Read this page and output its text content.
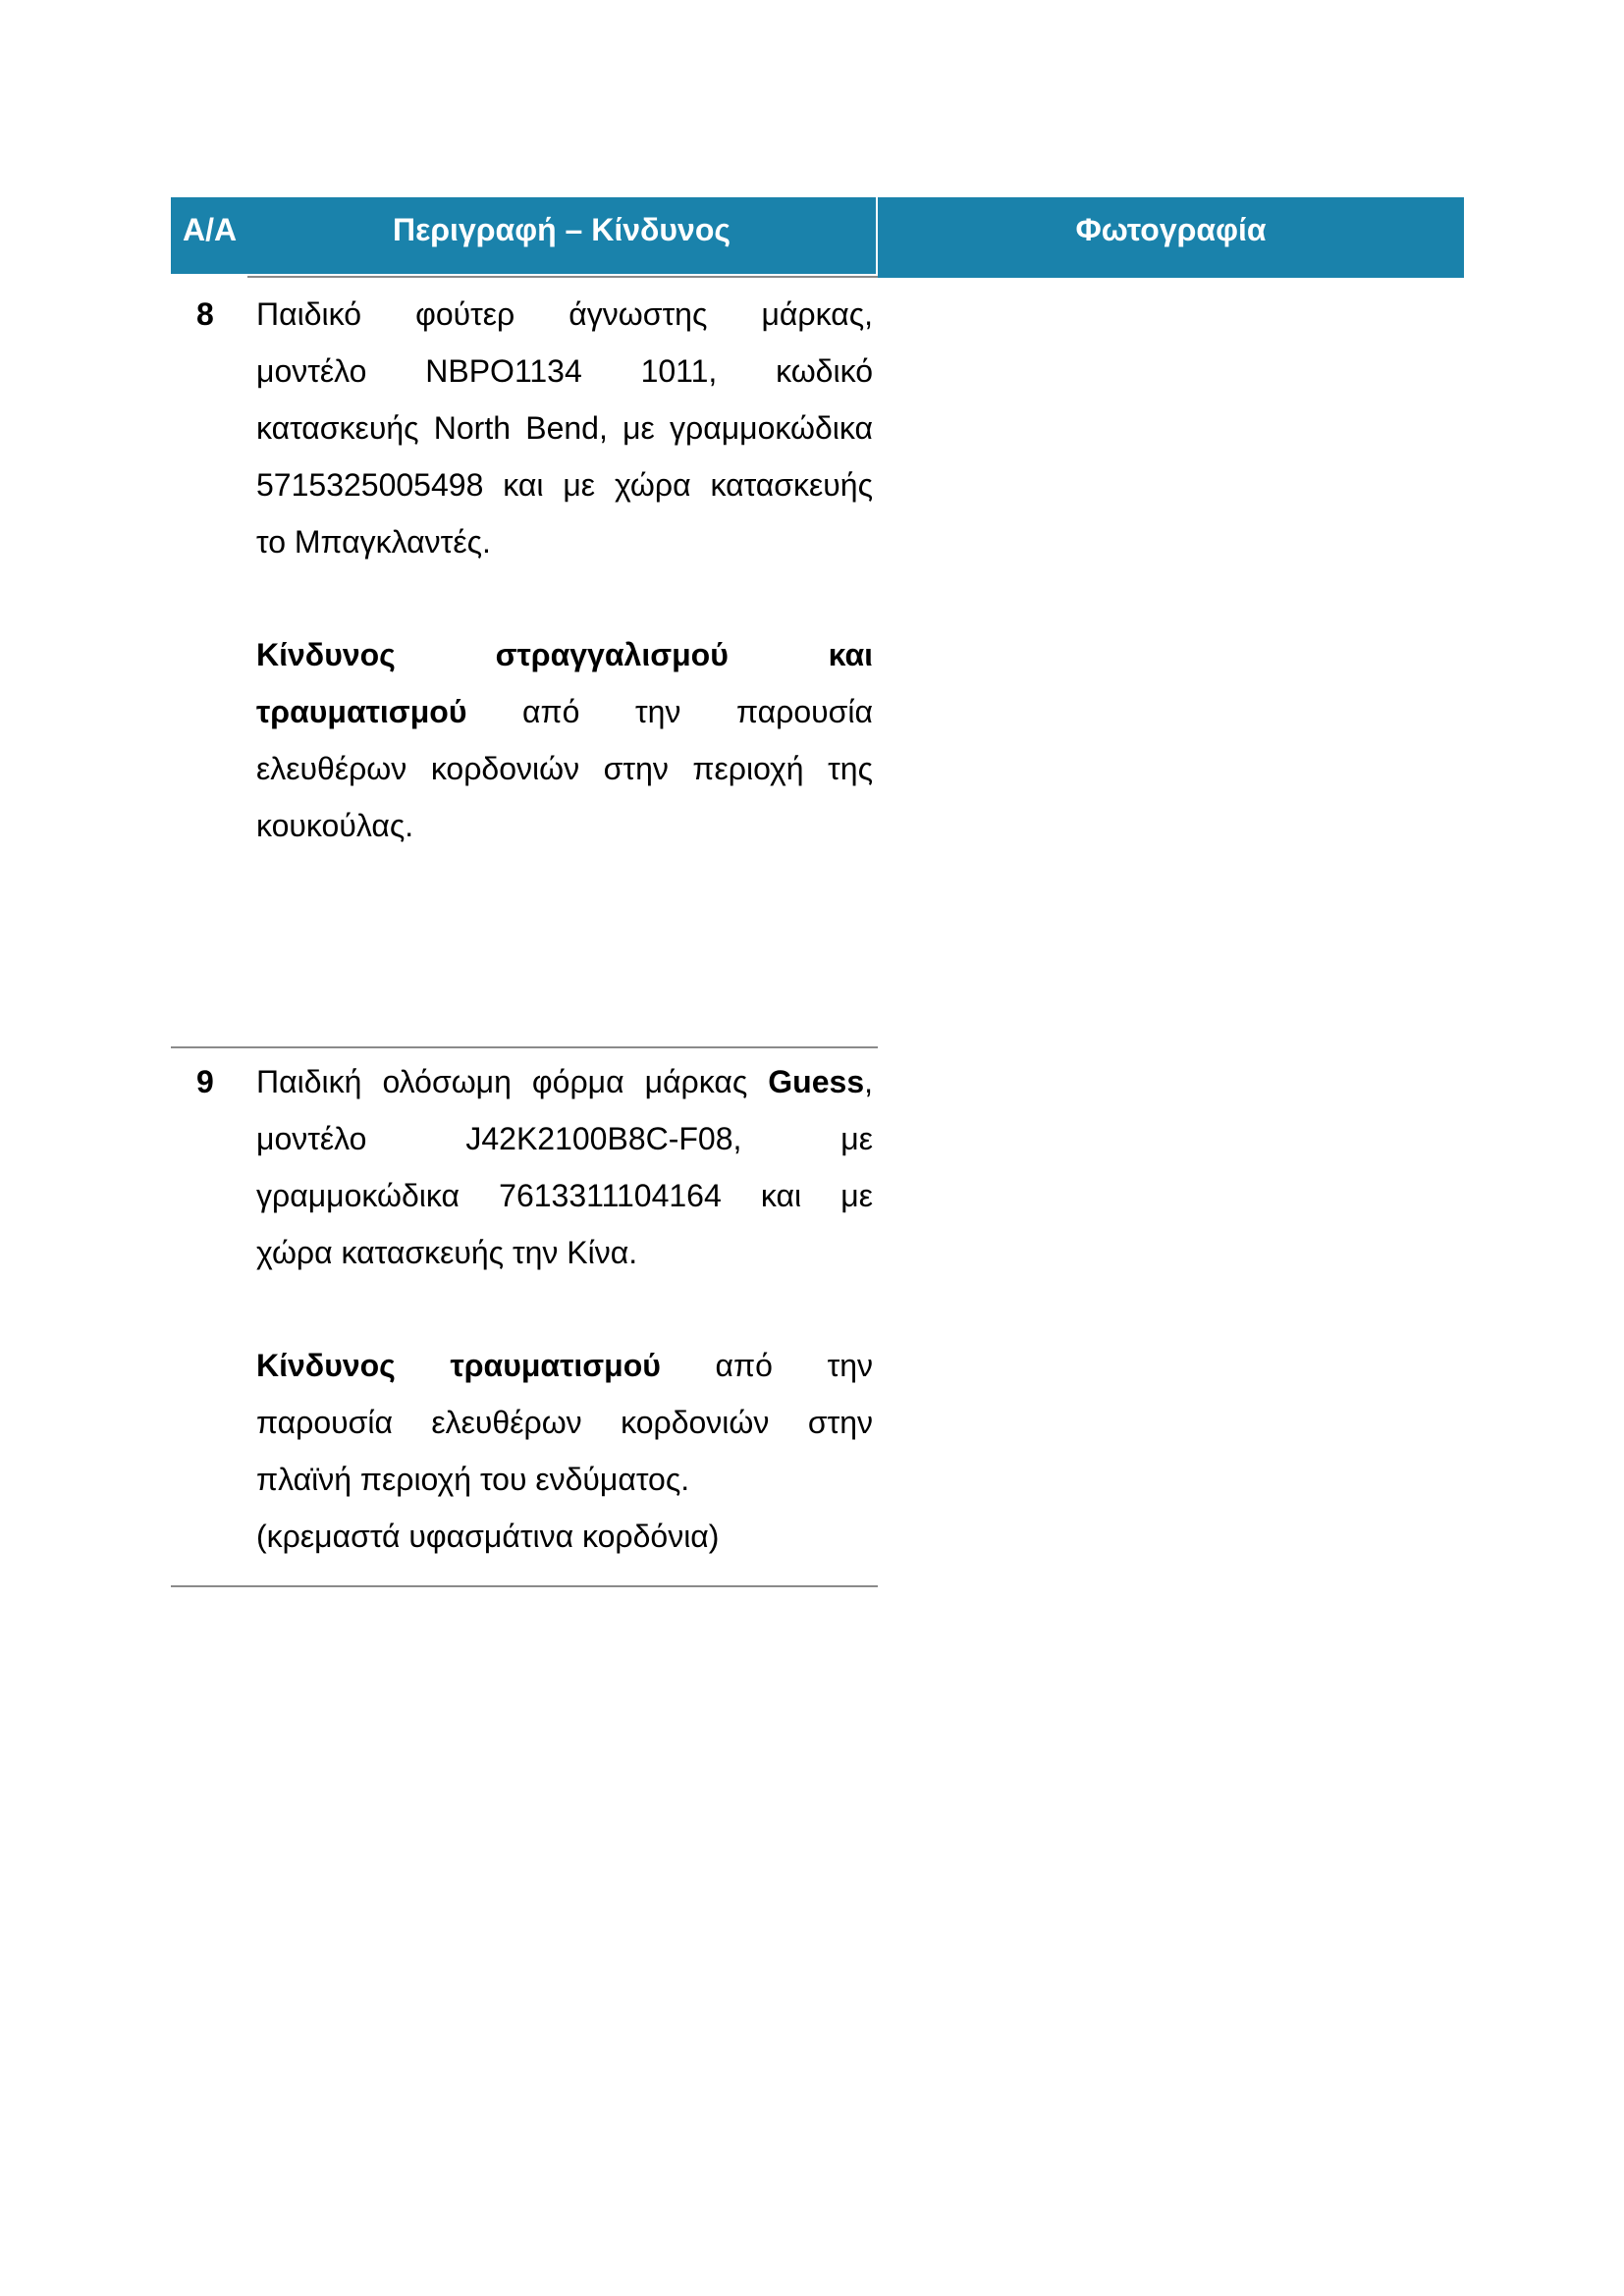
Α/Α	Περιγραφή – Κίνδυνος	Φωτογραφία
8 Παιδικό φούτερ άγνωστης μάρκας,
μοντέλο NBPO1134 1011, κωδικό
κατασκευής North Bend, με γραμμοκώδικα
5715325005498 και με χώρα κατασκευής
το Μπαγκλαντές.
Κίνδυνος στραγγαλισμού και
τραυματισμού από την παρουσία
ελευθέρων κορδονιών στην περιοχή της
κουκούλας.
9 Παιδική ολόσωμη φόρμα μάρκας Guess,
μοντέλο J42K2100B8C-F08, με
γραμμοκώδικα 7613311104164 και με
χώρα κατασκευής την Κίνα.
Κίνδυνος τραυματισμού από την
παρουσία ελευθέρων κορδονιών στην
πλαϊνή περιοχή του ενδύματος.
(κρεμαστά υφασμάτινα κορδόνια)
